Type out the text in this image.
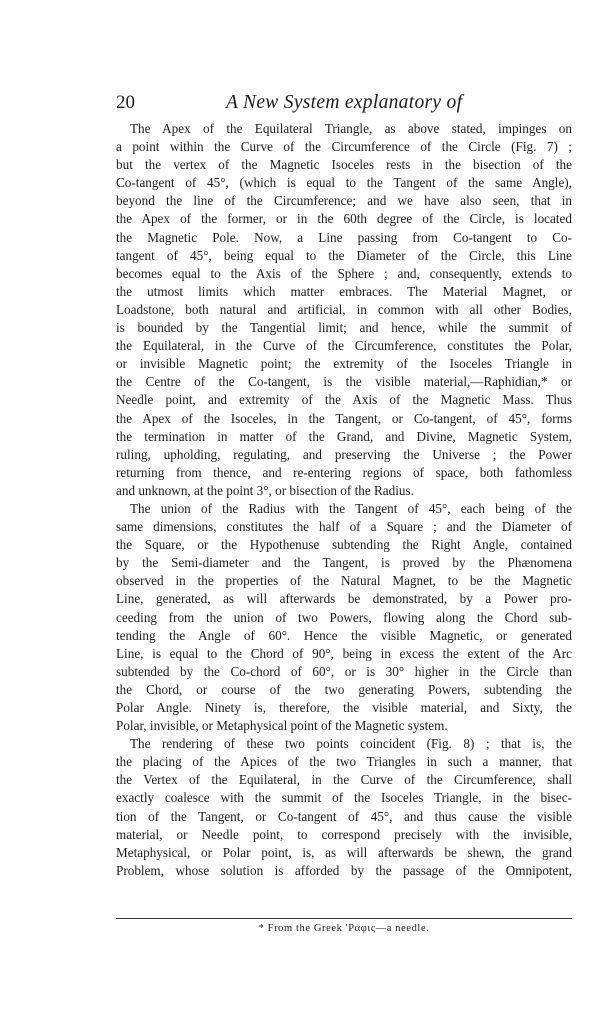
20	A New System explanatory of
The Apex of the Equilateral Triangle, as above stated, impinges on
a point within the Curve of the Circumference of the Circle (Fig. 7) ;
but the vertex of the Magnetic Isoceles rests in the bisection of the
Co-tangent of 45°, (which is equal to the Tangent of the same Angle),
beyond the line of the Circumference; and we have also seen, that in
the Apex of the former, or in the 60th degree of the Circle, is located
the Magnetic Pole. Now, a Line passing from Co-tangent to Co-
tangent of 45°, being equal to the Diameter of the Circle, this Line
becomes equal to the Axis of the Sphere ; and, consequently, extends to
the utmost limits which matter embraces. The Material Magnet, or
Loadstone, both natural and artificial, in common with all other Bodies,
is bounded by the Tangential limit; and hence, while the summit of
the Equilateral, in the Curve of the Circumference, constitutes the Polar,
or invisible Magnetic point; the extremity of the Isoceles Triangle in
the Centre of the Co-tangent, is the visible material,—Raphidian,* or
Needle point, and extremity of the Axis of the Magnetic Mass. Thus
the Apex of the Isoceles, in the Tangent, or Co-tangent, of 45°, forms
the termination in matter of the Grand, and Divine, Magnetic System,
ruling, upholding, regulating, and preserving the Universe ; the Power
returning from thence, and re-entering regions of space, both fathomless
and unknown, at the point 3°, or bisection of the Radius.
The union of the Radius with the Tangent of 45°, each being of the
same dimensions, constitutes the half of a Square ; and the Diameter of
the Square, or the Hypothenuse subtending the Right Angle, contained
by the Semi-diameter and the Tangent, is proved by the Phænomena
observed in the properties of the Natural Magnet, to be the Magnetic
Line, generated, as will afterwards be demonstrated, by a Power pro-
ceeding from the union of two Powers, flowing along the Chord sub-
tending the Angle of 60°. Hence the visible Magnetic, or generated
Line, is equal to the Chord of 90°, being in excess the extent of the Arc
subtended by the Co-chord of 60°, or is 30° higher in the Circle than
the Chord, or course of the two generating Powers, subtending the
Polar Angle. Ninety is, therefore, the visible material, and Sixty, the
Polar, invisible, or Metaphysical point of the Magnetic system.
The rendering of these two points coincident (Fig. 8) ; that is, the
the placing of the Apices of the two Triangles in such a manner, that
the Vertex of the Equilateral, in the Curve of the Circumference, shall
exactly coalesce with the summit of the Isoceles Triangle, in the bisec-
tion of the Tangent, or Co-tangent of 45°, and thus cause the visible
material, or Needle point, to correspond precisely with the invisible,
Metaphysical, or Polar point, is, as will afterwards be shewn, the grand
Problem, whose solution is afforded by the passage of the Omnipotent,
* From the Greek 'Ραφις—a needle.
